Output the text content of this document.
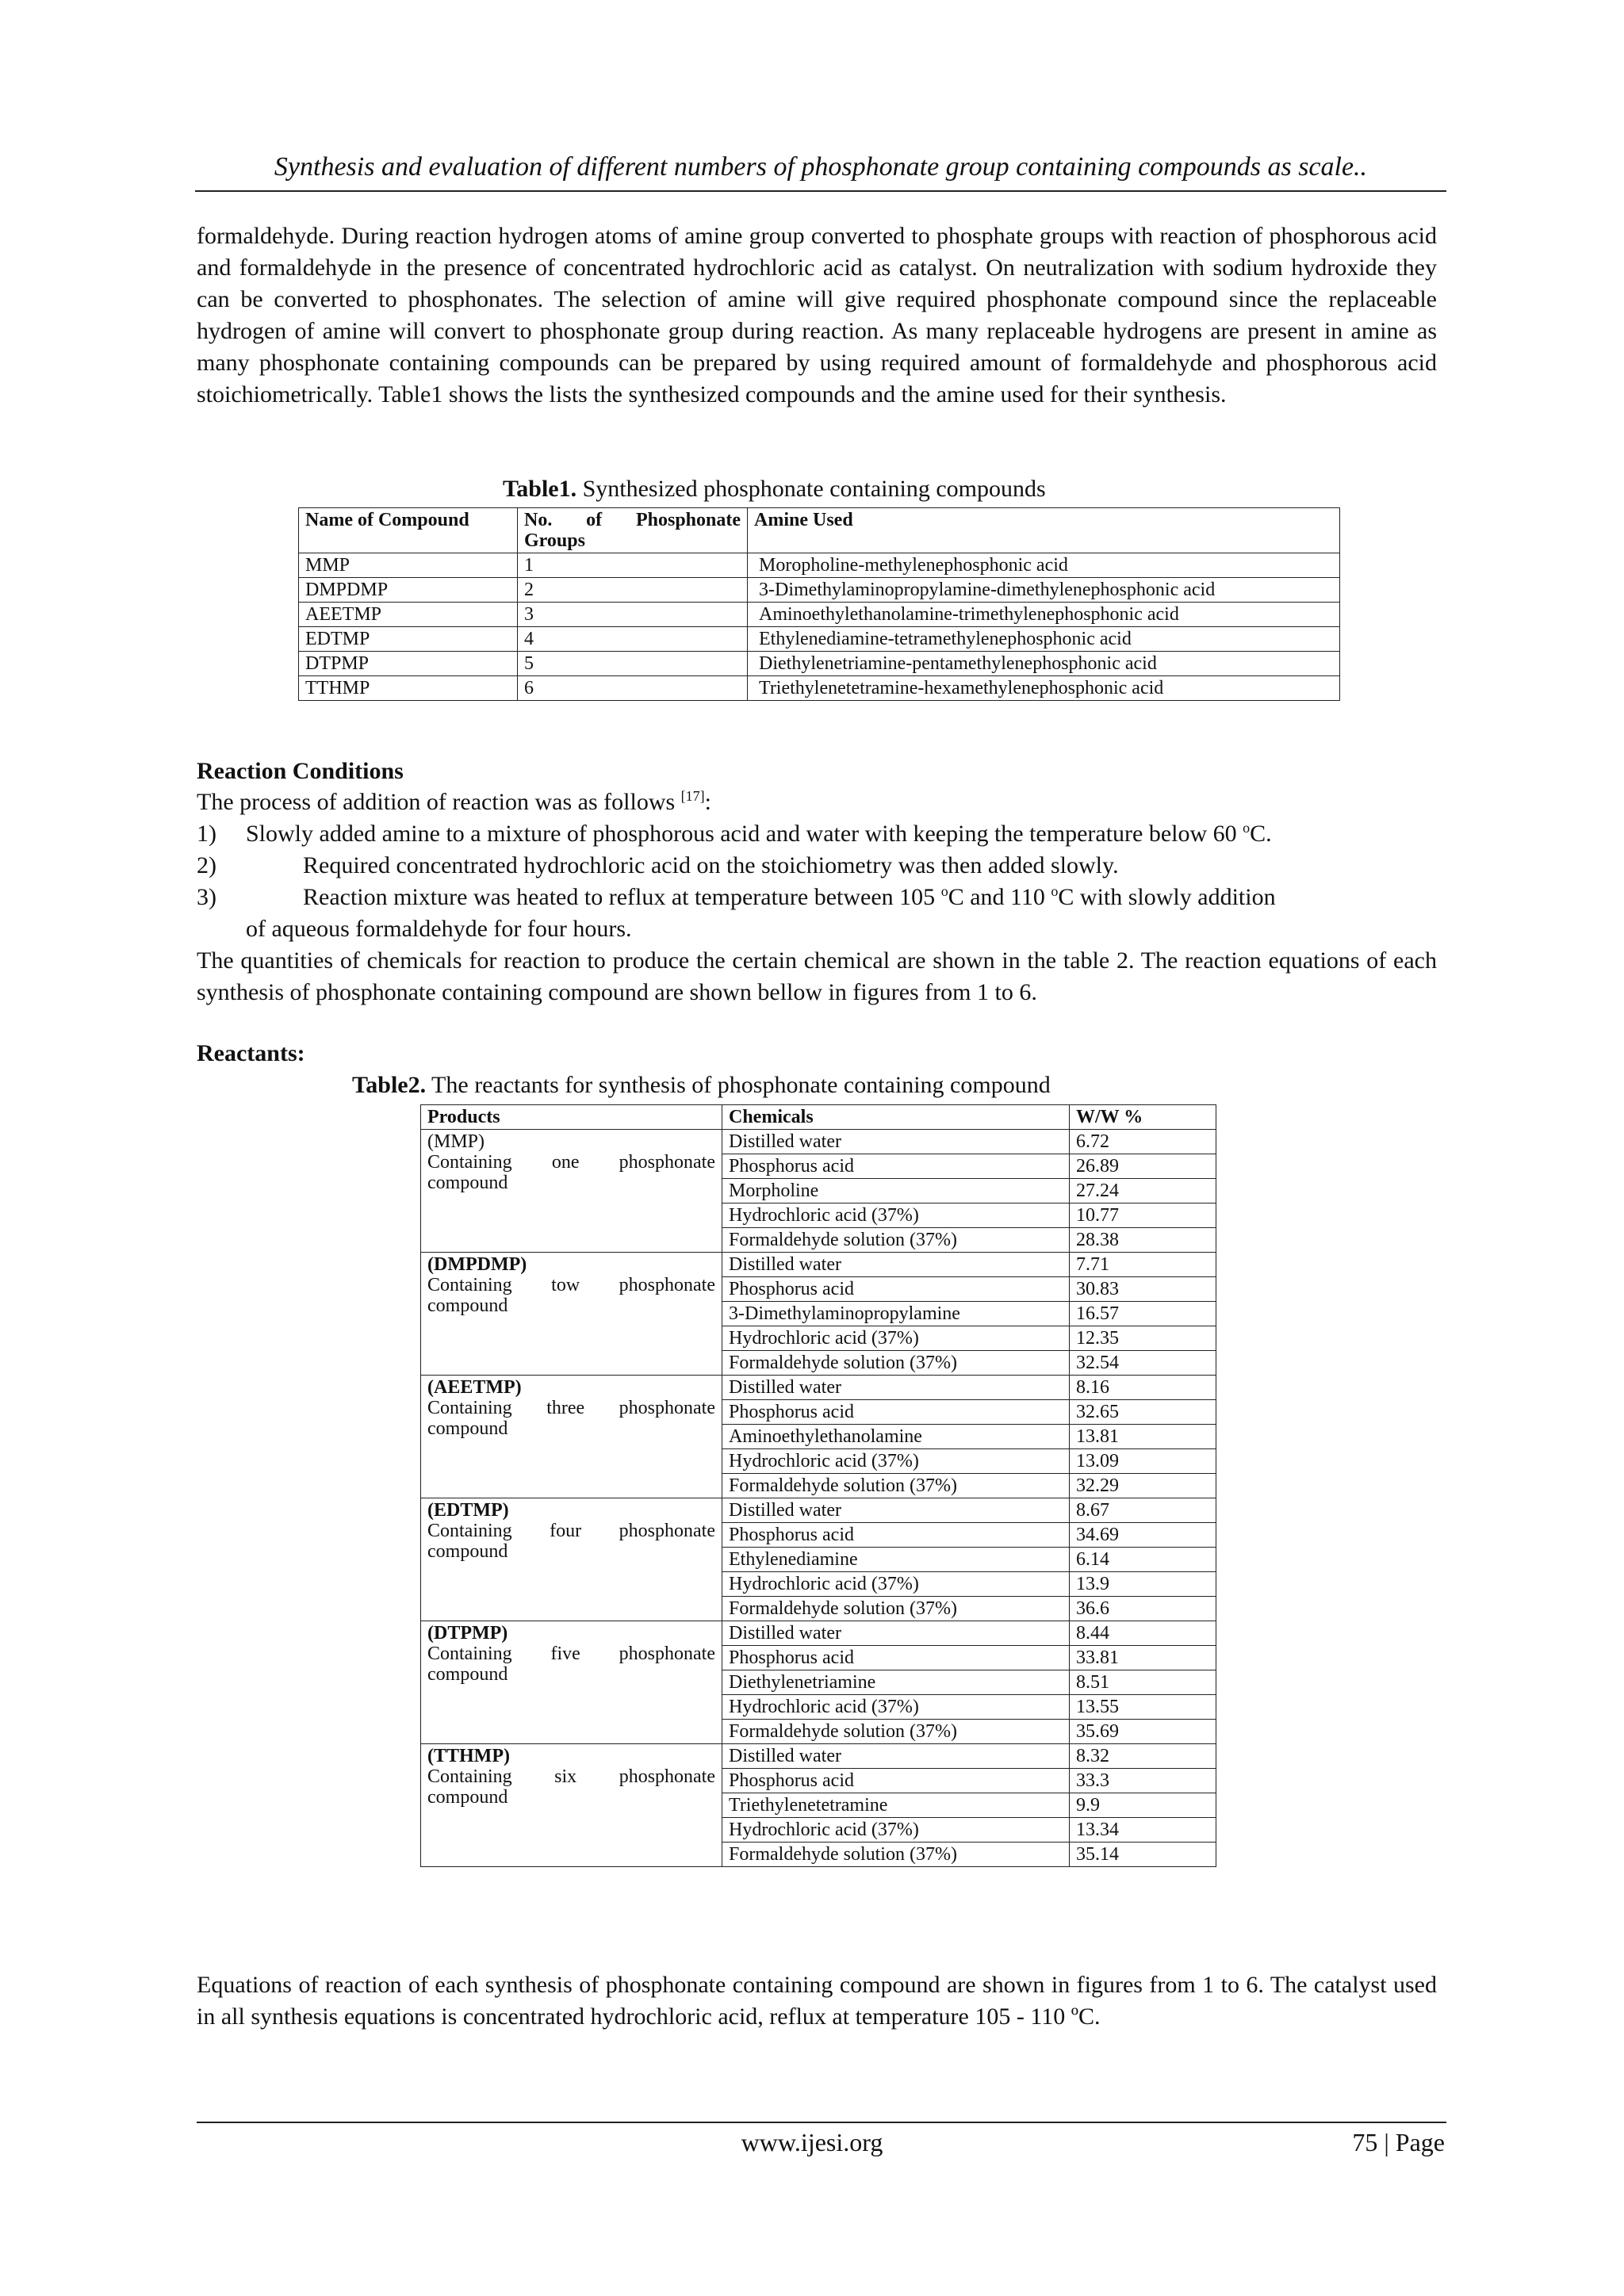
Synthesis and evaluation of different numbers of phosphonate group containing compounds as scale..

formaldehyde. During reaction hydrogen atoms of amine group converted to phosphate groups with reaction of phosphorous acid and formaldehyde in the presence of concentrated hydrochloric acid as catalyst. On neutralization with sodium hydroxide they can be converted to phosphonates. The selection of amine will give required phosphonate compound since the replaceable hydrogen of amine will convert to phosphonate group during reaction. As many replaceable hydrogens are present in amine as many phosphonate containing compounds can be prepared by using required amount of formaldehyde and phosphorous acid stoichiometrically. Table1 shows the lists the synthesized compounds and the amine used for their synthesis.

Table1. Synthesized phosphonate containing compounds
Name of Compound	No. of Phosphonate Groups	Amine Used
MMP	1	Moropholine-methylenephosphonic acid
DMPDMP	2	3-Dimethylaminopropylamine-dimethylenephosphonic acid
AEETMP	3	Aminoethylethanolamine-trimethylenephosphonic acid
EDTMP	4	Ethylenediamine-tetramethylenephosphonic acid
DTPMP	5	Diethylenetriamine-pentamethylenephosphonic acid
TTHMP	6	Triethylenetetramine-hexamethylenephosphonic acid
Reaction Conditions
The process of addition of reaction was as follows [17]:
1) Slowly added amine to a mixture of phosphorous acid and water with keeping the temperature below 60 $^o$C.
2)	Required concentrated hydrochloric acid on the stoichiometry was then added slowly.
3)	Reaction mixture was heated to reflux at temperature between 105 $^o$C and 110 $^o$C with slowly addition
of aqueous formaldehyde for four hours.

The quantities of chemicals for reaction to produce the certain chemical are shown in the table 2. The reaction equations of each synthesis of phosphonate containing compound are shown bellow in figures from 1 to 6.

Reactants:
Table2. The reactants for synthesis of phosphonate containing compound
Products	Chemicals	W/W %
(MMP)

Containing one phosphonate compound	Distilled water	6.72
	Phosphorus acid	26.89
	Morpholine	27.24
	Hydrochloric acid (37%)	10.77
	Formaldehyde solution (37%)	28.38
(DMPDMP)

Containing tow phosphonate compound	Distilled water	7.71
	Phosphorus acid	30.83
	3-Dimethylaminopropylamine	16.57
	Hydrochloric acid (37%)	12.35
	Formaldehyde solution (37%)	32.54
(AEETMP)

Containing three phosphonate compound	Distilled water	8.16
	Phosphorus acid	32.65
	Aminoethylethanolamine	13.81
	Hydrochloric acid (37%)	13.09
	Formaldehyde solution (37%)	32.29
(EDTMP)

Containing four phosphonate compound	Distilled water	8.67
	Phosphorus acid	34.69
	Ethylenediamine	6.14
	Hydrochloric acid (37%)	13.9
	Formaldehyde solution (37%)	36.6
(DTPMP)

Containing five phosphonate compound	Distilled water	8.44
	Phosphorus acid	33.81
	Diethylenetriamine	8.51
	Hydrochloric acid (37%)	13.55
	Formaldehyde solution (37%)	35.69
(TTHMP)

Containing six phosphonate compound	Distilled water	8.32
	Phosphorus acid	33.3
	Triethylenetetramine	9.9
	Hydrochloric acid (37%)	13.34
	Formaldehyde solution (37%)	35.14

Equations of reaction of each synthesis of phosphonate containing compound are shown in figures from 1 to 6. The catalyst used in all synthesis equations is concentrated hydrochloric acid, reflux at temperature 105 - 110 ºC.

www.ijesi.org	75 | Page
